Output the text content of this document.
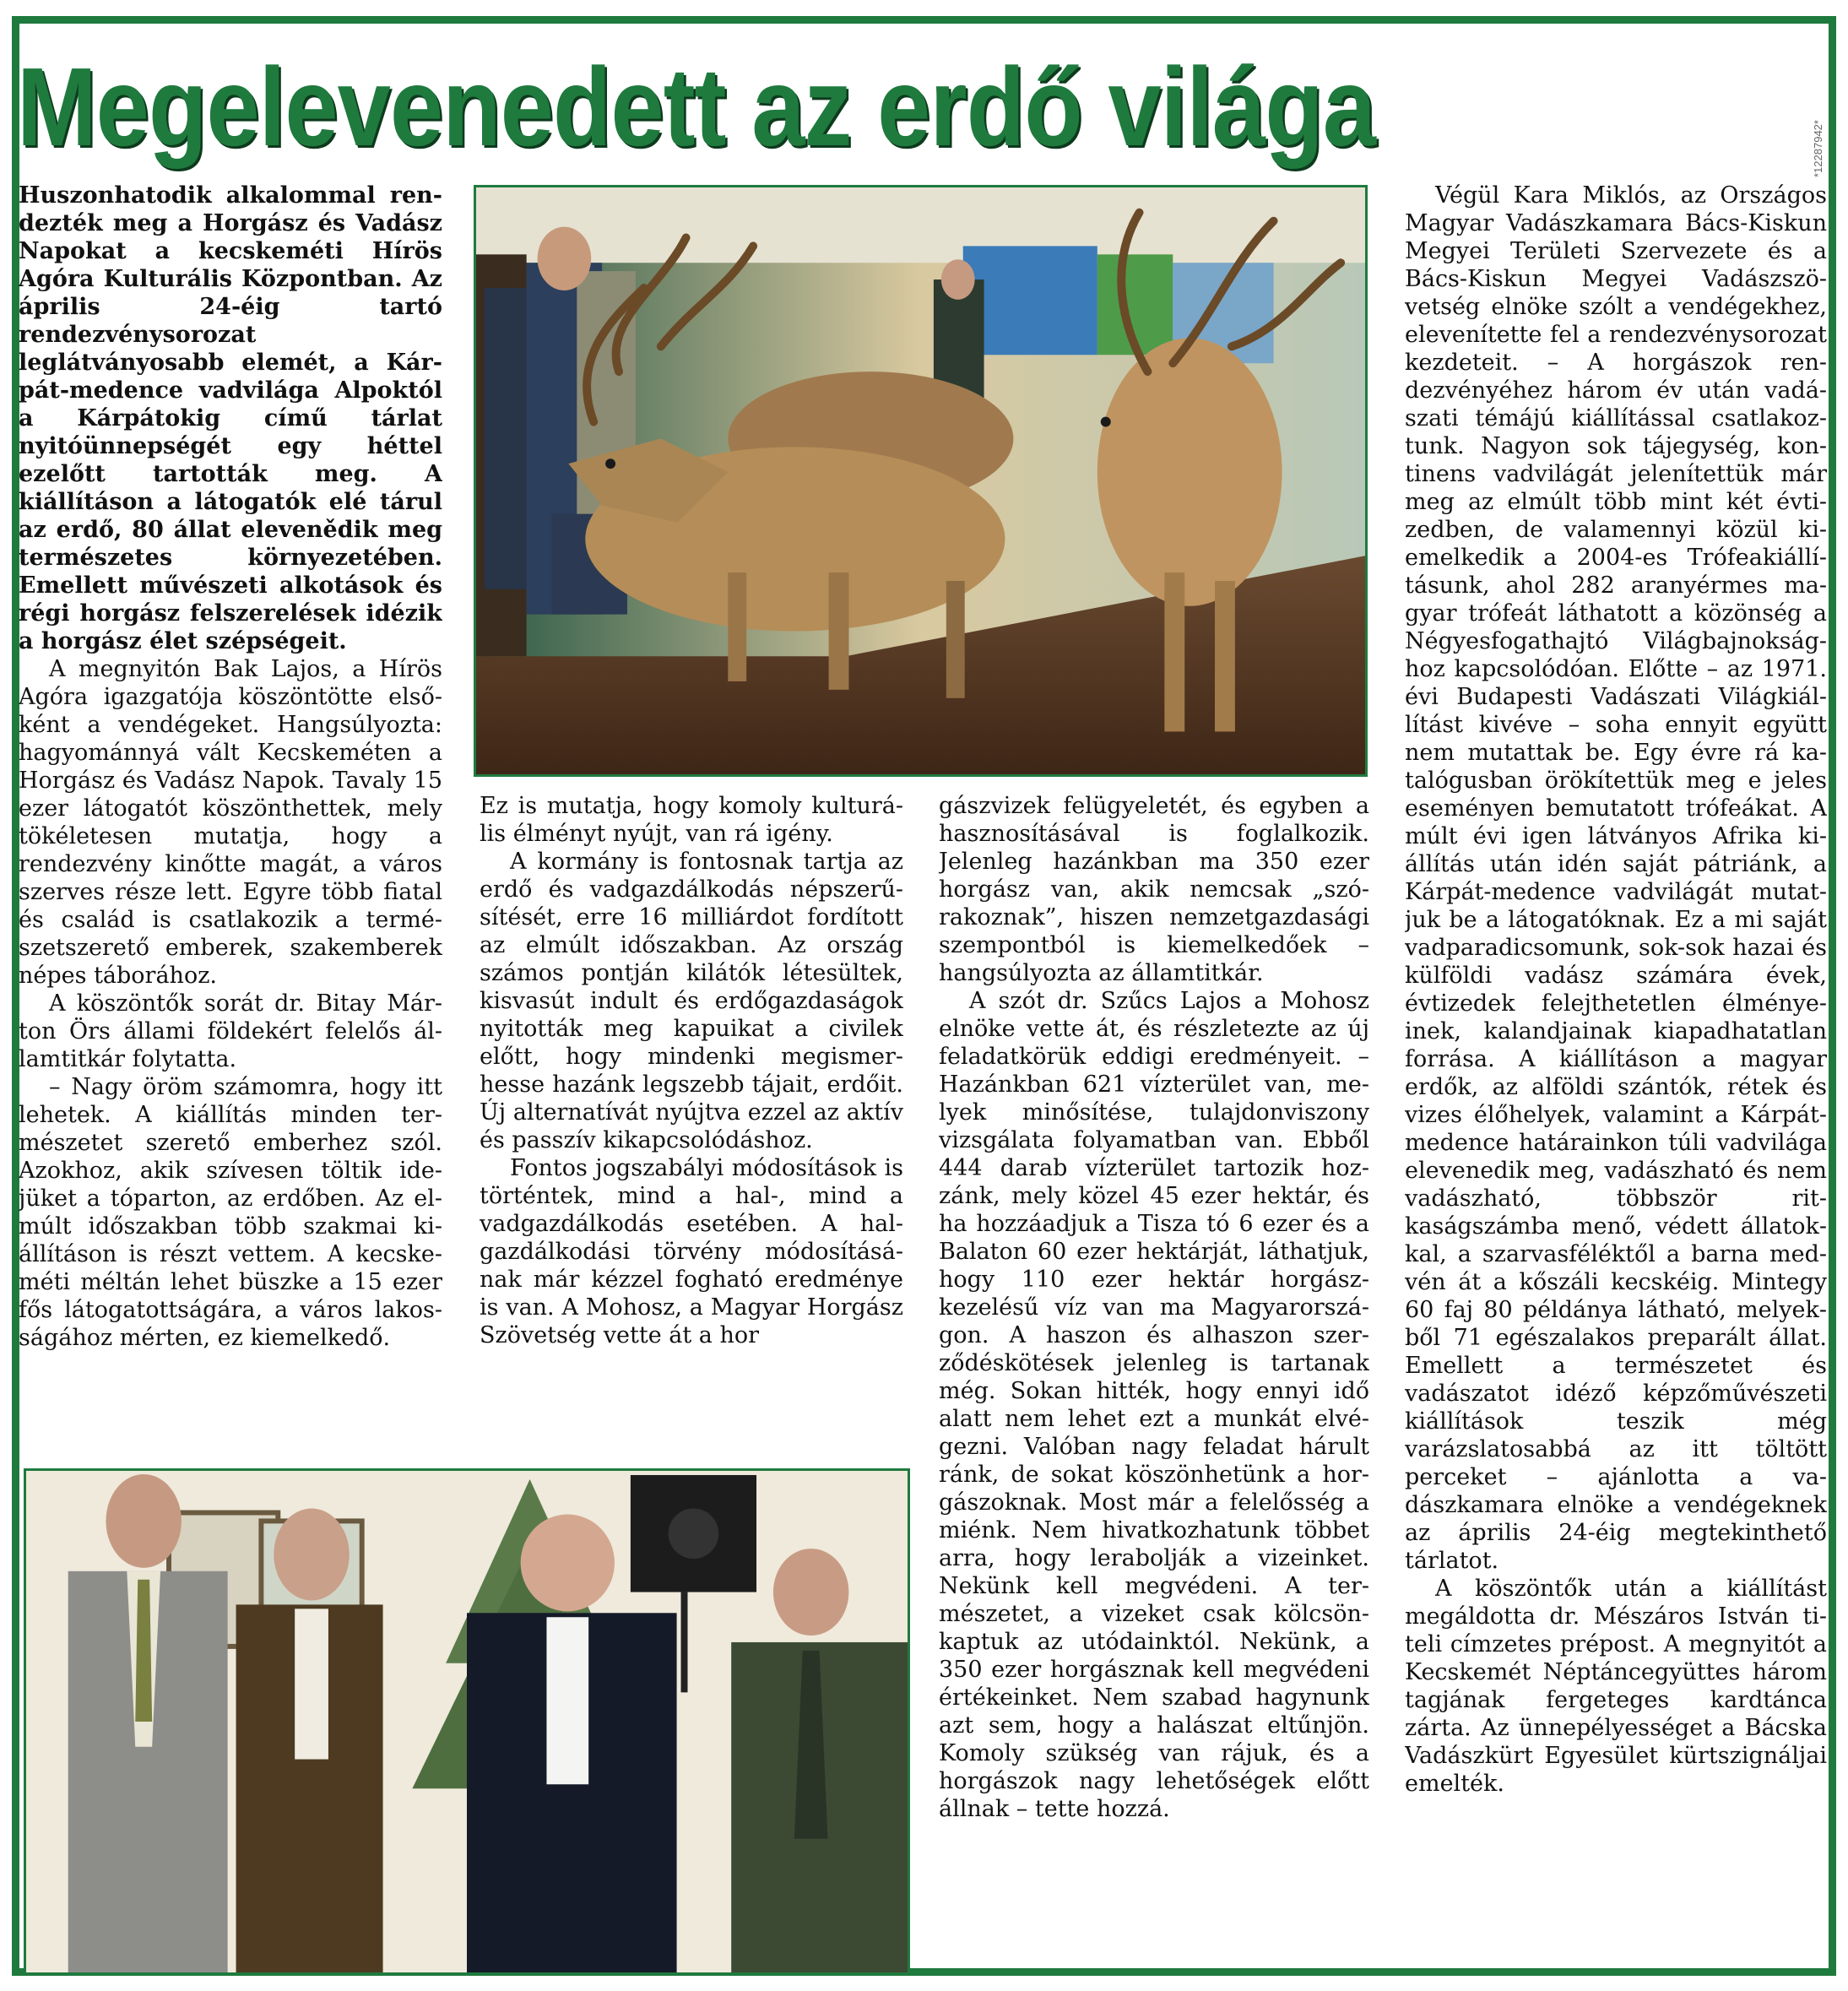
Megelevenedett az erdő világa	*12287942*

Huszonhatodik alkalommal rendezték meg a Horgász és Vadász Napokat a kecskeméti Hírös Agóra Kulturális Központban. Az április 24-éig tartó rendezvénysorozat leglátványosabb elemét, a Kárpát-medence vadvilága Alpoktól a Kárpátokig című tárlat nyitóünnepségét egy héttel ezelőtt tartották meg. A kiállításon a látogatók elé tárul az erdő, 80 állat elevenědik meg természetes környezetében. Emellett művészeti alkotások és régi horgász felszerelések idézik a horgász élet szépségeit.

A megnyitón Bak Lajos, a Hírös Agóra igazgatója köszöntötte elsőként a vendégeket. Hangsúlyozta: hagyománnyá vált Kecskeméten a Horgász és Vadász Napok. Tavaly 15 ezer látogatót köszönthettek, mely tökéletesen mutatja, hogy a rendezvény kinőtte magát, a város szerves része lett. Egyre több fiatal és család is csatlakozik a természetszerető emberek, szakemberek népes táborához.

A köszöntők sorát dr. Bitay Márton Örs állami földekért felelős államtitkár folytatta.

– Nagy öröm számomra, hogy itt lehetek. A kiállítás minden természetet szerető emberhez szól. Azokhoz, akik szívesen töltik idejüket a tóparton, az erdőben. Az elmúlt időszakban több szakmai kiállításon is részt vettem. A kecskeméti méltán lehet büszke a 15 ezer fős látogatottságára, a város lakosságához mérten, ez kiemelkedő.

Ez is mutatja, hogy komoly kulturális élményt nyújt, van rá igény.

A kormány is fontosnak tartja az erdő és vadgazdálkodás népszerűsítését, erre 16 milliárdot fordított az elmúlt időszakban. Az ország számos pontján kilátók létesültek, kisvasút indult és erdőgazdaságok nyitották meg kapuikat a civilek előtt, hogy mindenki megismerhesse hazánk legszebb tájait, erdőit. Új alternatívát nyújtva ezzel az aktív és passzív kikapcsolódáshoz.

Fontos jogszabályi módosítások is történtek, mind a hal-, mind a vadgazdálkodás esetében. A halgazdálkodási törvény módosításának már kézzel fogható eredménye is van. A Mohosz, a Magyar Horgász Szövetség vette át a hor

gászvizek felügyeletét, és egyben a hasznosításával is foglalkozik. Jelenleg hazánkban ma 350 ezer horgász van, akik nemcsak „szórakoznak”, hiszen nemzetgazdasági szempontból is kiemelkedőek – hangsúlyozta az államtitkár.

A szót dr. Szűcs Lajos a Mohosz elnöke vette át, és részletezte az új feladatkörük eddigi eredményeit. – Hazánkban 621 vízterület van, melyek minősítése, tulajdonviszony vizsgálata folyamatban van. Ebből 444 darab vízterület tartozik hozzánk, mely közel 45 ezer hektár, és ha hozzáadjuk a Tisza tó 6 ezer és a Balaton 60 ezer hektárját, láthatjuk, hogy 110 ezer hektár horgászkezelésű víz van ma Magyarországon. A haszon és alhaszon szerződéskötések jelenleg is tartanak még. Sokan hitték, hogy ennyi idő alatt nem lehet ezt a munkát elvégezni. Valóban nagy feladat hárult ránk, de sokat köszönhetünk a horgászoknak. Most már a felelősség a miénk. Nem hivatkozhatunk többet arra, hogy lerabolják a vizeinket. Nekünk kell megvédeni. A természetet, a vizeket csak kölcsönkaptuk az utódainktól. Nekünk, a 350 ezer horgásznak kell megvédeni értékeinket. Nem szabad hagynunk azt sem, hogy a halászat eltűnjön. Komoly szükség van rájuk, és a horgászok nagy lehetőségek előtt állnak – tette hozzá.

Végül Kara Miklós, az Országos Magyar Vadászkamara Bács-Kiskun Megyei Területi Szervezete és a Bács-Kiskun Megyei Vadászszövetség elnöke szólt a vendégekhez, elevenítette fel a rendezvénysorozat kezdeteit. – A horgászok rendezvényéhez három év után vadászati témájú kiállítással csatlakoztunk. Nagyon sok tájegység, kontinens vadvilágát jelenítettük már meg az elmúlt több mint két évtizedben, de valamennyi közül kiemelkedik a 2004-es Trófeakiállításunk, ahol 282 aranyérmes magyar trófeát láthatott a közönség a Négyesfogathajtó Világbajnoksághoz kapcsolódóan. Előtte – az 1971. évi Budapesti Vadászati Világkiállítást kivéve – soha ennyit együtt nem mutattak be. Egy évre rá katalógusban örökítettük meg e jeles eseményen bemutatott trófeákat. A múlt évi igen látványos Afrika kiállítás után idén saját pátriánk, a Kárpát-medence vadvilágát mutatjuk be a látogatóknak. Ez a mi saját vadparadicsomunk, sok-sok hazai és külföldi vadász számára évek, évtizedek felejthetetlen élményeinek, kalandjainak kiapadhatatlan forrása. A kiállításon a magyar erdők, az alföldi szántók, rétek és vizes élőhelyek, valamint a Kárpát-medence határainkon túli vadvilága elevenedik meg, vadászható és nem vadászható, többször ritkaságszámba menő, védett állatokkal, a szarvasféléktől a barna medvén át a kőszáli kecskéig. Mintegy 60 faj 80 példánya látható, melyekből 71 egészalakos preparált állat. Emellett a természetet és vadászatot idéző képzőművészeti kiállítások teszik még varázslatosabbá az itt töltött perceket – ajánlotta a vadászkamara elnöke a vendégeknek az április 24-éig megtekinthető tárlatot.

A köszöntők után a kiállítást megáldotta dr. Mészáros István titeli címzetes prépost. A megnyitót a Kecskemét Néptáncegyüttes három tagjának fergeteges kardtánca zárta. Az ünnepélyességet a Bácska Vadászkürt Egyesület kürtszignáljai emelték.
